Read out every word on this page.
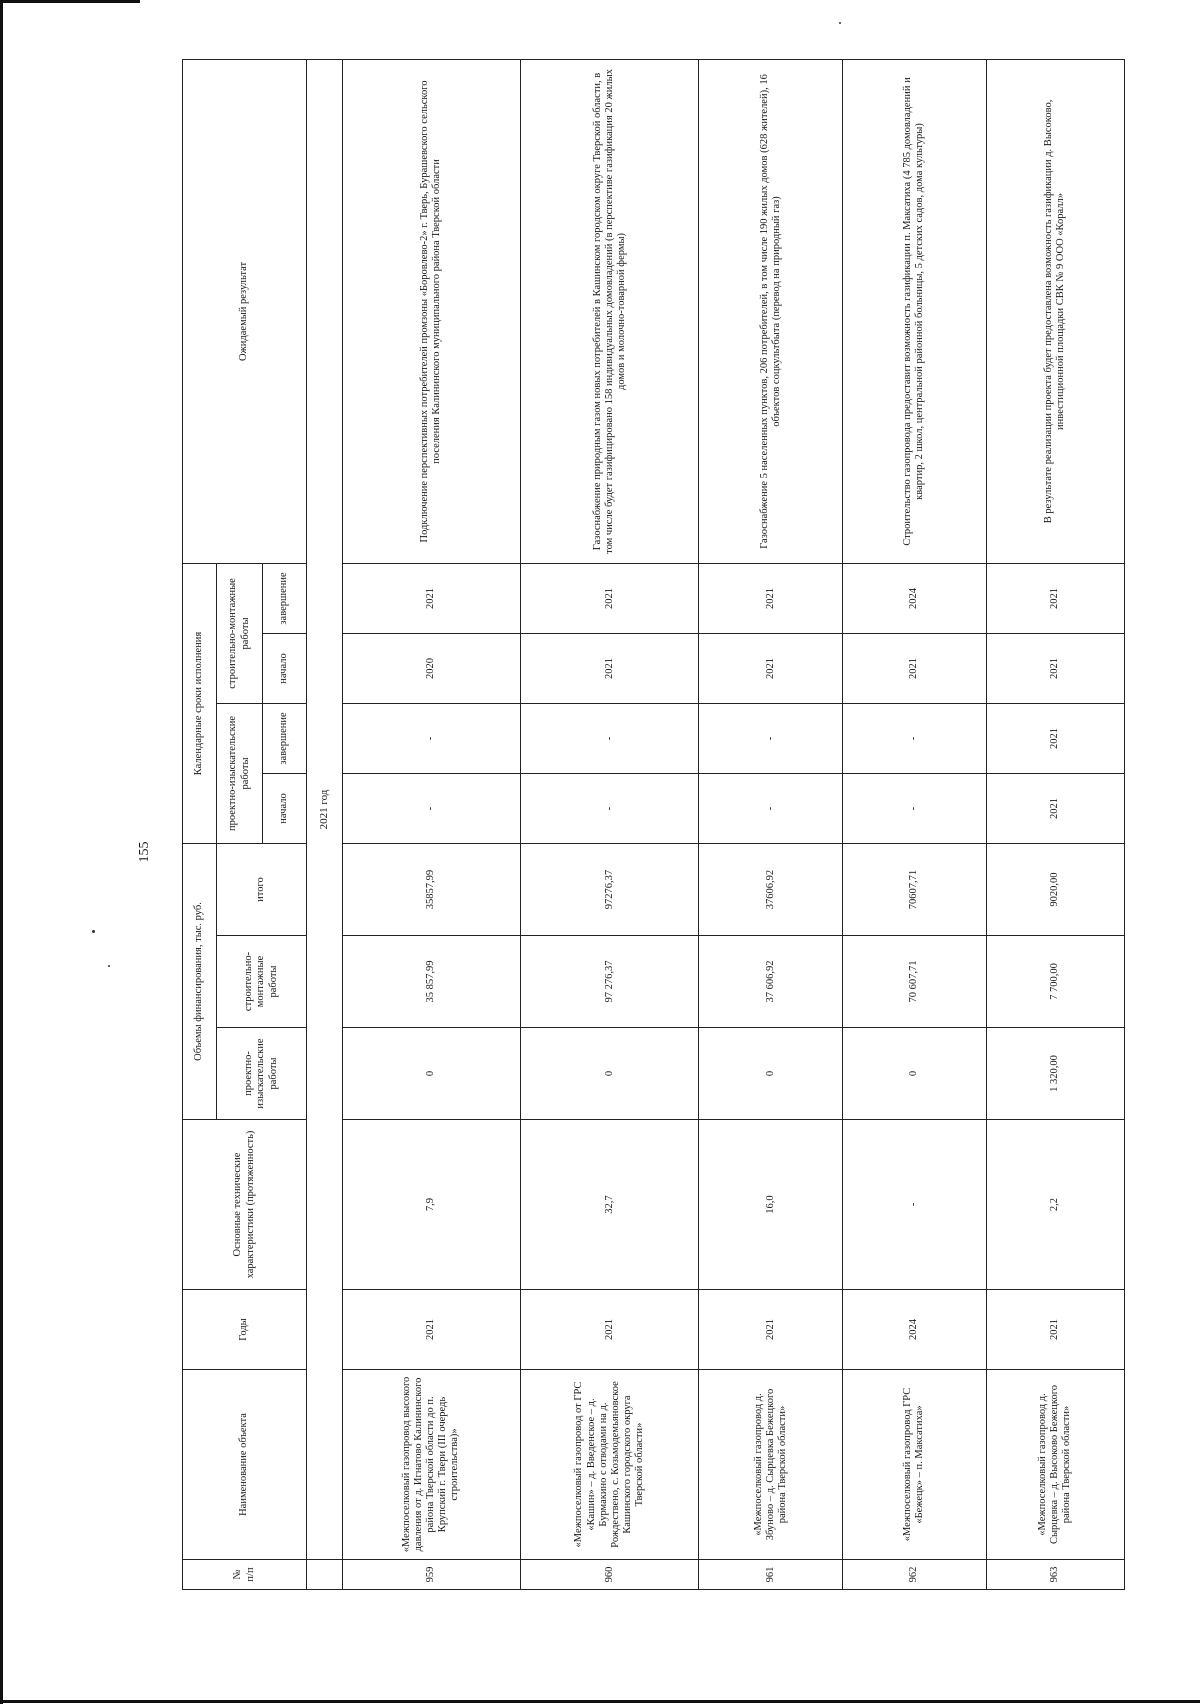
155
№ п/п	Наименование объекта	Годы	Основные технические характеристики (протяженность)	Объемы финансирования, тыс. руб.			Календарные сроки исполнения				Ожидаемый результат
				проектно-изыскательские работы	строительно-монтажные работы	итого	проектно-изыскательские работы		строительно-монтажные работы		
							начало	завершение	начало	завершение	
	2021 год										
959	«Межпоселковый газопровод высокого давления от д. Игнатово Калининского района Тверской области до п. Крупский г. Твери (III очередь строительства)»	2021	7,9	0	35 857,99	35857,99	-	-	2020	2021	Подключение перспективных потребителей промзоны «Боровлево-2» г. Тверь, Бурашевского сельского поселения Калининского муниципального района Тверской области
960	«Межпоселковый газопровод от ГРС «Кашин» – д. Введенское – д. Бурмакино с отводами на д. Рождествено, с. Козьмодемьяновское Кашинского городского округа Тверской области»	2021	32,7	0	97 276,37	97276,37	-	-	2021	2021	Газоснабжение природным газом новых потребителей в Кашинском городском округе Тверской области, в том числе будет газифицировано 158 индивидуальных домовладений (в перспективе газификация 20 жилых домов и молочно-товарной фермы)
961	«Межпоселковый газопровод д. Збуново – д. Сырцевка Бежецкого района Тверской области»	2021	16,0	0	37 606,92	37606,92	-	-	2021	2021	Газоснабжение 5 населенных пунктов, 206 потребителей, в том числе 190 жилых домов (628 жителей), 16 объектов соцкультбыта (перевод на природный газ)
962	«Межпоселковый газопровод ГРС «Бежецк» – п. Максатиха»	2024	-	0	70 607,71	70607,71	-	-	2021	2024	Строительство газопровода предоставит возможность газификации п. Максатиха (4 785 домовладений и квартир, 2 школ, центральной районной больницы, 5 детских садов, дома культуры)
963	«Межпоселковый газопровод д. Сырцевка – д. Высоково Бежецкого района Тверской области»	2021	2,2	1 320,00	7 700,00	9020,00	2021	2021	2021	2021	В результате реализации проекта будет предоставлена возможность газификации д. Высоково, инвестиционной площадки СВК № 9 ООО «Коралл»
